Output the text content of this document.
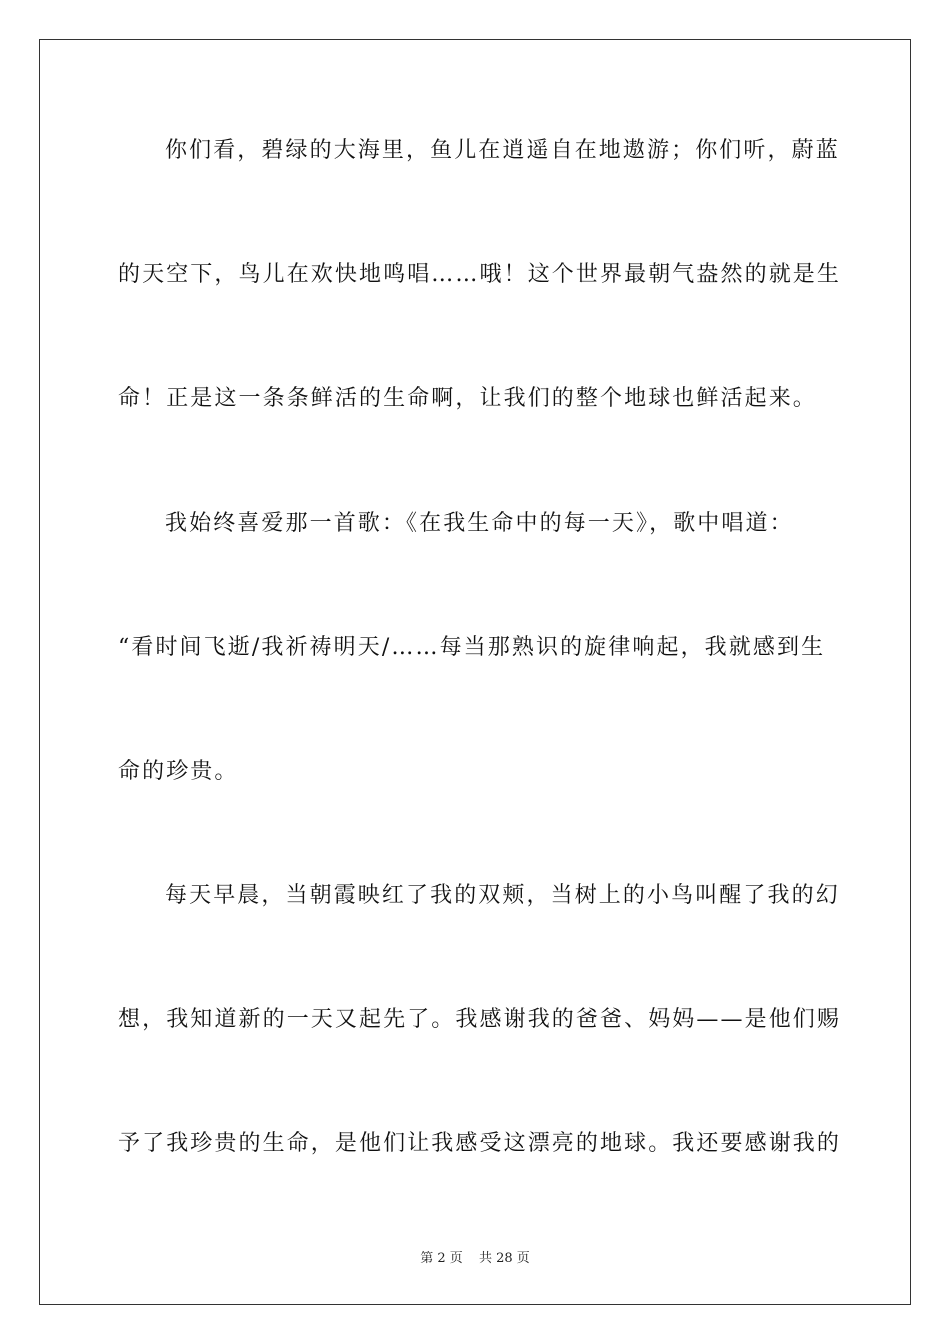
你们看，碧绿的大海里，鱼儿在逍遥自在地遨游；你们听，蔚蓝
的天空下，鸟儿在欢快地鸣唱……哦！这个世界最朝气盎然的就是生
命！正是这一条条鲜活的生命啊，让我们的整个地球也鲜活起来。
我始终喜爱那一首歌：《在我生命中的每一天》，歌中唱道：
“看时间飞逝/我祈祷明天/……每当那熟识的旋律响起，我就感到生
命的珍贵。
每天早晨，当朝霞映红了我的双颊，当树上的小鸟叫醒了我的幻
想，我知道新的一天又起先了。我感谢我的爸爸、妈妈——是他们赐
予了我珍贵的生命，是他们让我感受这漂亮的地球。我还要感谢我的
第 2 页 共 28 页
